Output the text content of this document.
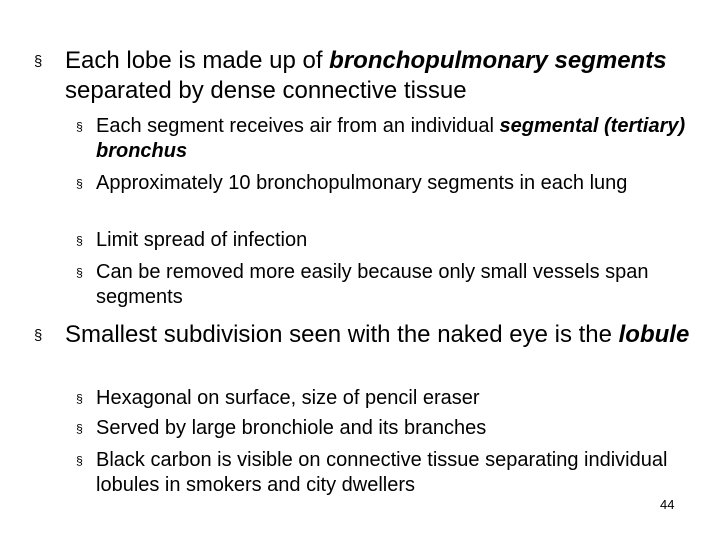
§ Each lobe is made up of bronchopulmonary segments separated by dense connective tissue
§ Each segment receives air from an individual segmental (tertiary) bronchus
§ Approximately 10 bronchopulmonary segments in each lung
§ Limit spread of infection
§ Can be removed more easily because only small vessels span segments
§ Smallest subdivision seen with the naked eye is the lobule
§ Hexagonal on surface, size of pencil eraser
§ Served by large bronchiole and its branches
§ Black carbon is visible on connective tissue separating individual lobules in smokers and city dwellers
44
